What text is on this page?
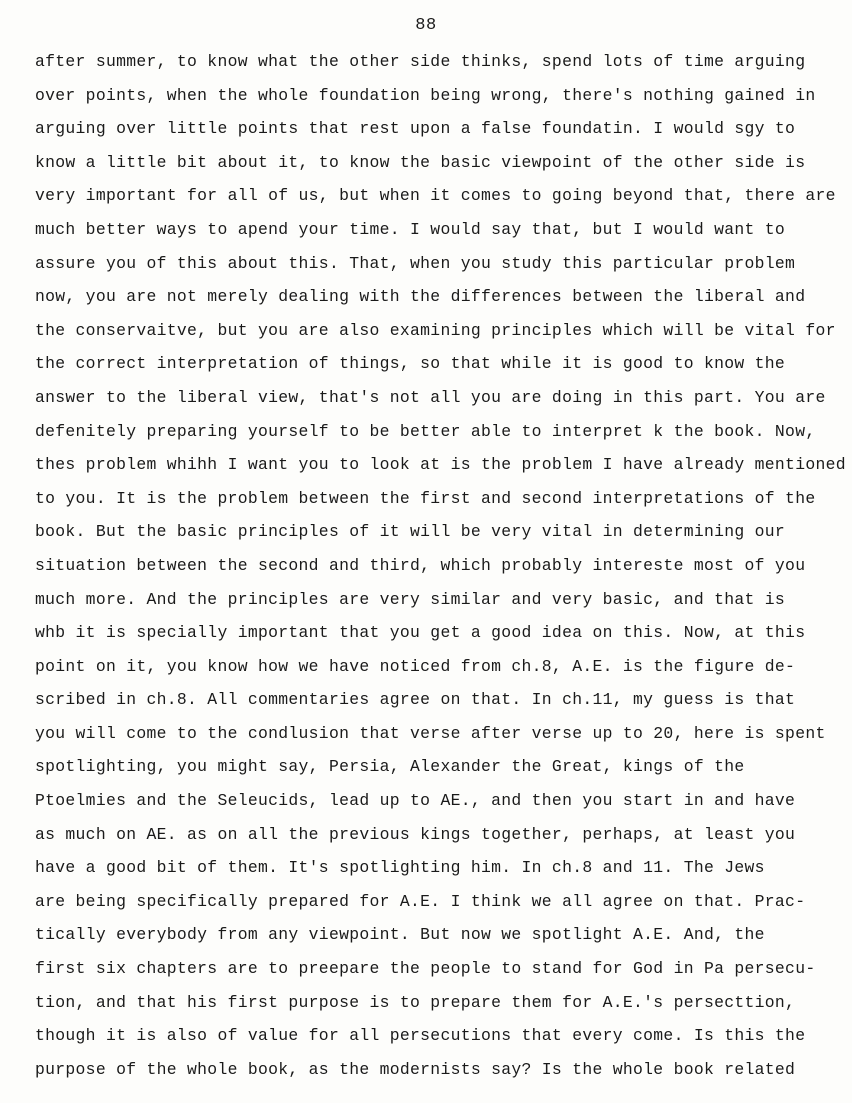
88
after summer, to know what the other side thinks, spend lots of time arguing
over points, when the whole foundation being wrong, there's nothing gained in
arguing over little points that rest upon a false foundatin. I would sgy to
know a little bit about it, to know the basic viewpoint of the other side is
very important for all of us, but when it comes to going beyond that, there are
much better ways to apend your time. I would say that, but I would want to
assure you of this about this. That, when you study this particular problem
now, you are not merely dealing with the differences between the liberal and
the conservaitve, but you are also examining principles which will be vital for
the correct interpretation of things, so that while it is good to know the
answer to the liberal view, that's not all you are doing in this part. You are
defenitely preparing yourself to be better able to interpret k the book. Now,
thes problem whihh I want you to look at is the problem I have already mentioned
to you. It is the problem between the first and second interpretations of the
book. But the basic principles of it will be very vital in determining our
situation between the second and third, which probably intereste most of you
much more. And the principles are very similar and very basic, and that is
whb it is specially important that you get a good idea on this. Now, at this
point on it, you know how we have noticed from ch.8, A.E. is the figure de-
scribed in ch.8. All commentaries agree on that. In ch.11, my guess is that
you will come to the condlusion that verse after verse up to 20, here is spent
spotlighting, you might say, Persia, Alexander the Great, kings of the
Ptoelmies and the Seleucids, lead up to AE., and then you start in and have
as much on AE. as on all the previous kings together, perhaps, at least you
have a good bit of them. It's spotlighting him. In ch.8 and 11. The Jews
are being specifically prepared for A.E. I think we all agree on that. Prac-
tically everybody from any viewpoint. But now we spotlight A.E. And, the
first six chapters are to preepare the people to stand for God in Pa persecu-
tion, and that his first purpose is to prepare them for A.E.'s persecttion,
though it is also of value for all persecutions that every come. Is this the
purpose of the whole book, as the modernists say? Is the whole book related
